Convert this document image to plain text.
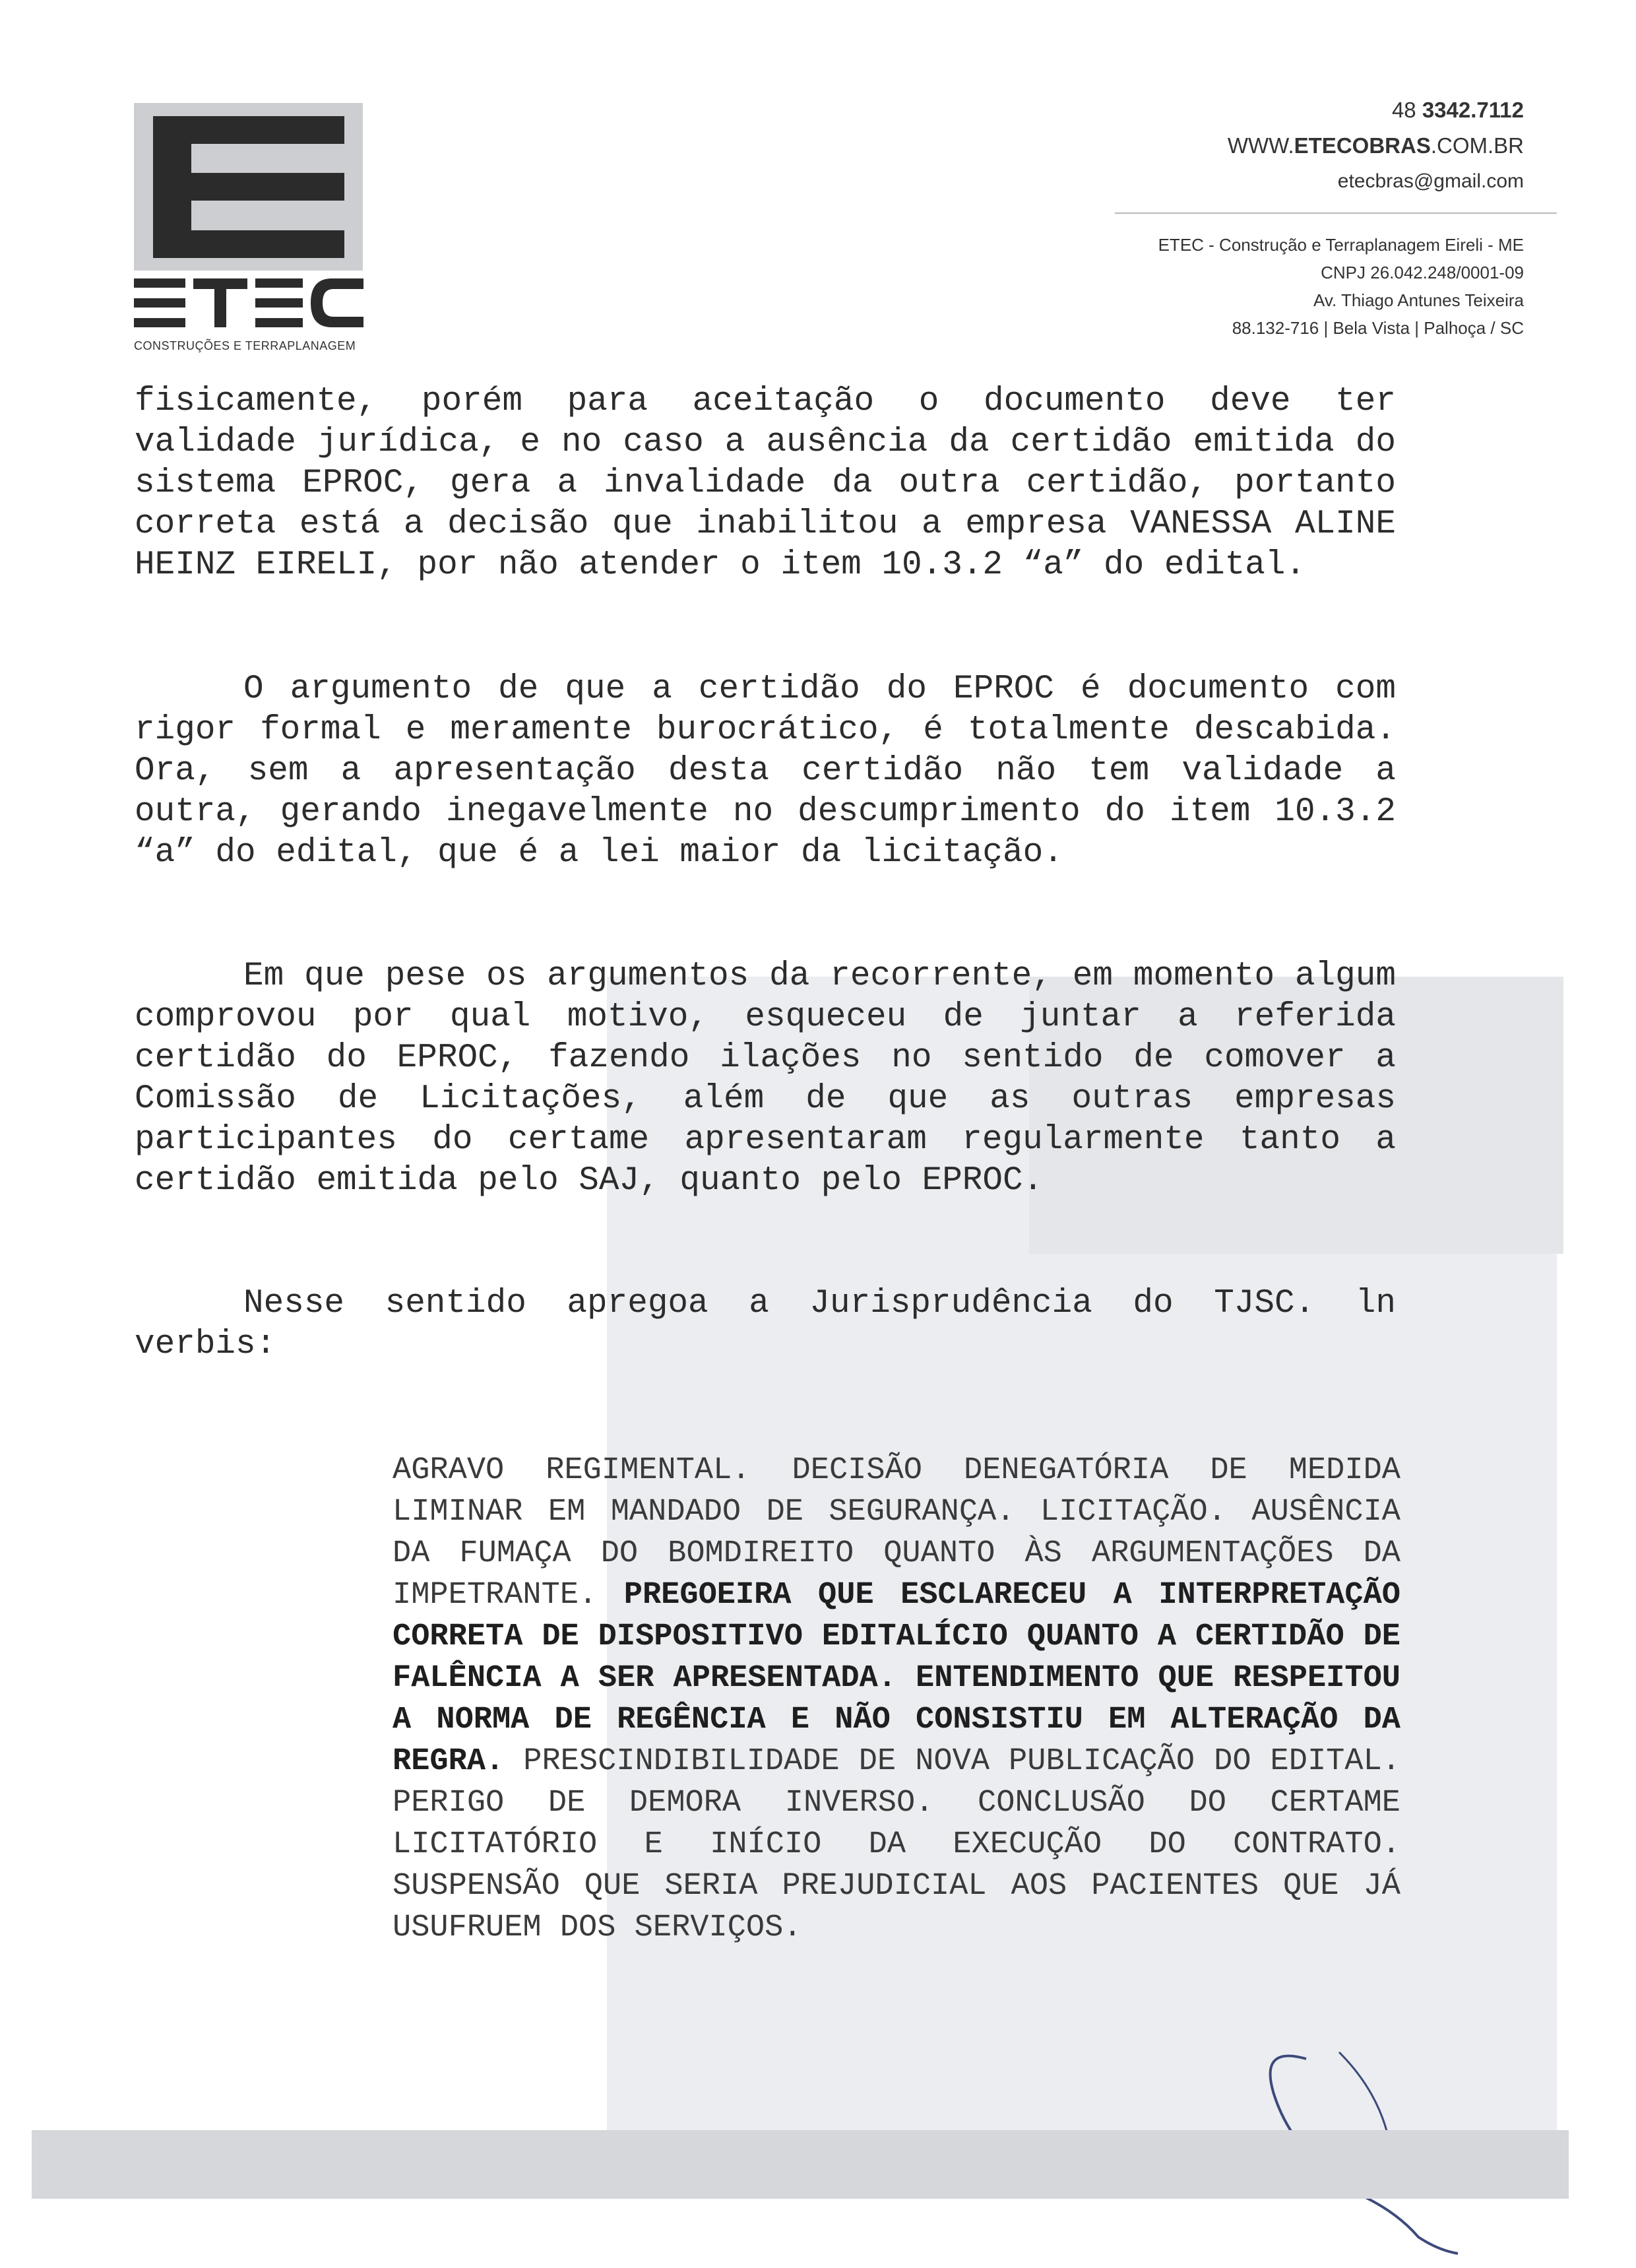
CONSTRUÇÕES E TERRAPLANAGEM
48 3342.7112
WWW.ETECOBRAS.COM.BR
etecbras@gmail.com
ETEC - Construção e Terraplanagem Eireli - ME
CNPJ 26.042.248/0001-09
Av. Thiago Antunes Teixeira
88.132-716 | Bela Vista | Palhoça / SC

fisicamente, porém para aceitação o documento deve ter validade jurídica, e no caso a ausência da certidão emitida do sistema EPROC, gera a invalidade da outra certidão, portanto correta está a decisão que inabilitou a empresa VANESSA ALINE HEINZ EIRELI, por não atender o item 10.3.2 “a” do edital.

O argumento de que a certidão do EPROC é documento com rigor formal e meramente burocrático, é totalmente descabida. Ora, sem a apresentação desta certidão não tem validade a outra, gerando inegavelmente no descumprimento do item 10.3.2 “a” do edital, que é a lei maior da licitação.

Em que pese os argumentos da recorrente, em momento algum comprovou por qual motivo, esqueceu de juntar a referida certidão do EPROC, fazendo ilações no sentido de comover a Comissão de Licitações, além de que as outras empresas participantes do certame apresentaram regularmente tanto a certidão emitida pelo SAJ, quanto pelo EPROC.

Nesse sentido apregoa a Jurisprudência do TJSC. ln verbis:

AGRAVO REGIMENTAL. DECISÃO DENEGATÓRIA DE MEDIDA LIMINAR EM MANDADO DE SEGURANÇA. LICITAÇÃO. AUSÊNCIA DA FUMAÇA DO BOMDIREITO QUANTO ÀS ARGUMENTAÇÕES DA IMPETRANTE. PREGOEIRA QUE ESCLARECEU A INTERPRETAÇÃO CORRETA DE DISPOSITIVO EDITALÍCIO QUANTO A CERTIDÃO DE FALÊNCIA A SER APRESENTADA. ENTENDIMENTO QUE RESPEITOU A NORMA DE REGÊNCIA E NÃO CONSISTIU EM ALTERAÇÃO DA REGRA. PRESCINDIBILIDADE DE NOVA PUBLICAÇÃO DO EDITAL. PERIGO DE DEMORA INVERSO. CONCLUSÃO DO CERTAME LICITATÓRIO E INÍCIO DA EXECUÇÃO DO CONTRATO. SUSPENSÃO QUE SERIA PREJUDICIAL AOS PACIENTES QUE JÁ USUFRUEM DOS SERVIÇOS.
